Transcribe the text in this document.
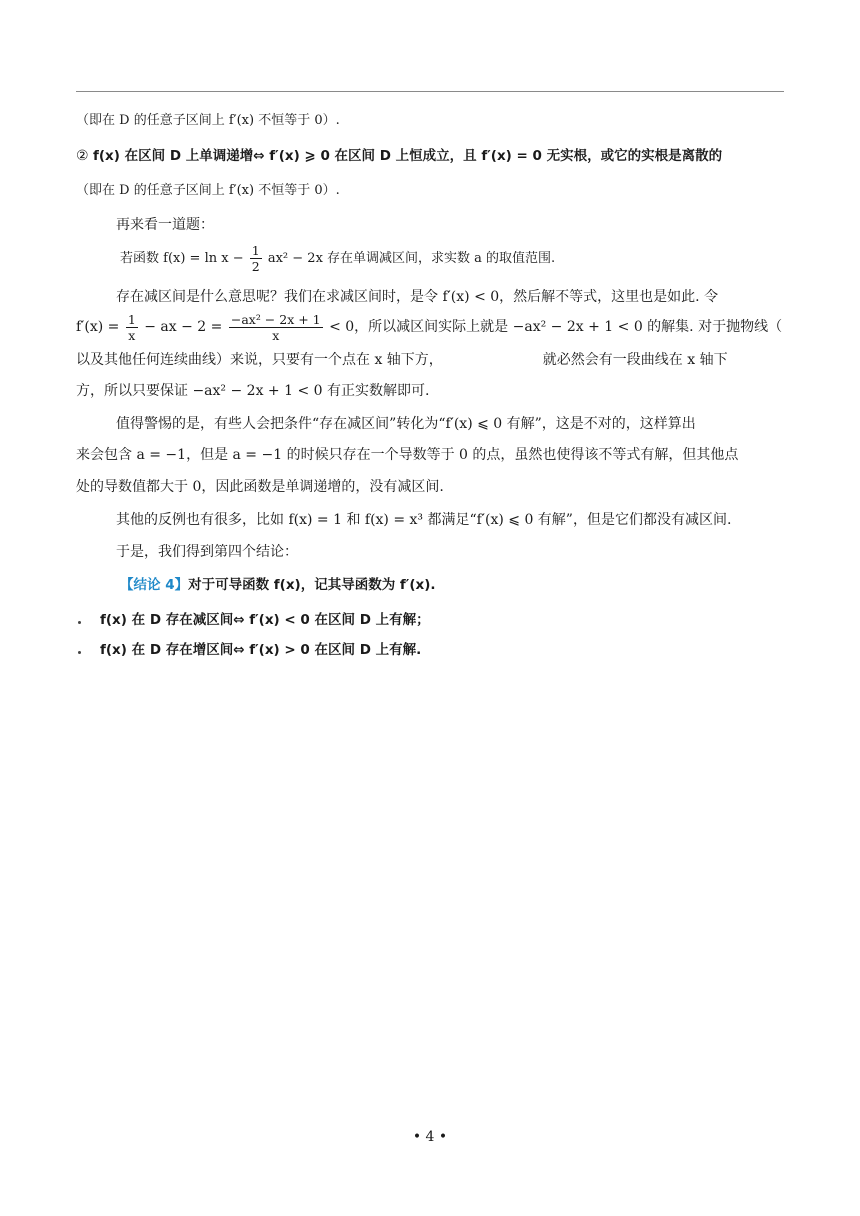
（即在 D 的任意子区间上 f′(x) 不恒等于 0）.
② f(x) 在区间 D 上单调递增⇔ f′(x) ⩾ 0 在区间 D 上恒成立，且 f′(x) = 0 无实根，或它的实根是离散的
（即在 D 的任意子区间上 f′(x) 不恒等于 0）.
再来看一道题：
若函数 $f(x) = \ln x - \frac{1}{2} ax^2 - 2x$ 存在单调减区间，求实数 a 的取值范围.
存在减区间是什么意思呢？我们在求减区间时，是令 f′(x) < 0，然后解不等式，这里也是如此. 令
$f'(x) = \frac{1}{x}$ − ax − $2 = \frac{\text{−ax² − 2x + 1}}{x} < 0$，所以减区间实际上就是 −ax² − 2x + 1 < 0 的解集. 对于抛物线（
以及其他任何连续曲线）来说，只要有一个点在 x 轴下方，	就必然会有一段曲线在 x 轴下
方，所以只要保证 −ax² − 2x + 1 < 0 有正实数解即可.
值得警惕的是，有些人会把条件“存在减区间”转化为“f′(x) ⩽ 0 有解”，这是不对的，这样算出
来会包含 a = −1，但是 a = −1 的时候只存在一个导数等于 0 的点，虽然也使得该不等式有解，但其他点
处的导数值都大于 0，因此函数是单调递增的，没有减区间.
其他的反例也有很多，比如 f(x) = 1 和 f(x) = x³ 都满足“f′(x) ⩽ 0 有解”，但是它们都没有减区间.
于是，我们得到第四个结论：
【结论 4】对于可导函数 f(x)，记其导函数为 f′(x).
f(x) 在 D 存在减区间⇔ f′(x) < 0 在区间 D 上有解；
f(x) 在 D 存在增区间⇔ f′(x) > 0 在区间 D 上有解.
• 4 •
